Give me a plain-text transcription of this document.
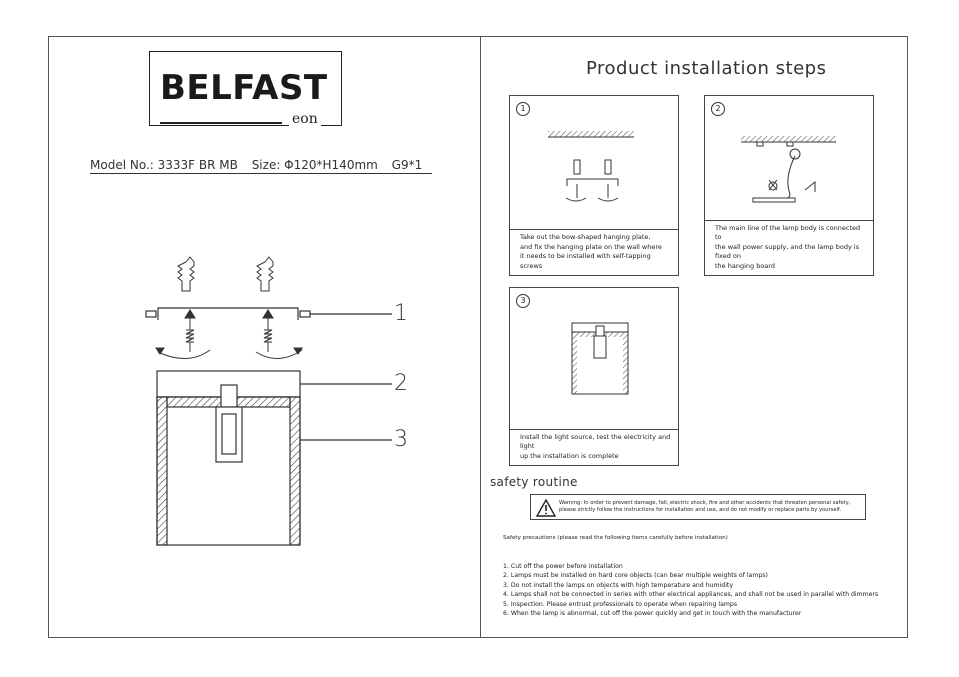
BELFAST
eon
Model No.: 3333F BR MB Size: Φ120*H140mm G9*1
1
2
3
Product installation steps
1
Take out the bow-shaped hanging plate,
and fix the hanging plate on the wall where
it needs to be installed with self-tapping screws
2
The main line of the lamp body is connected to
the wall power supply, and the lamp body is fixed on
the hanging board
3
Install the light source, test the electricity and light
up the installation is complete
safety routine
Warning: In order to prevent damage, fall, electric shock, fire and other accidents that threaten personal safety, please strictly follow the instructions for installation and use, and do not modify or replace parts by yourself.
Safety precautions (please read the following items carefully before installation)
1. Cut off the power before installation
2. Lamps must be installed on hard core objects (can bear multiple weights of lamps)
3. Do not install the lamps on objects with high temperature and humidity
4. Lamps shall not be connected in series with other electrical appliances, and shall not be used in parallel with dimmers
5. Inspection. Please entrust professionals to operate when repairing lamps
6. When the lamp is abnormal, cut off the power quickly and get in touch with the manufacturer
